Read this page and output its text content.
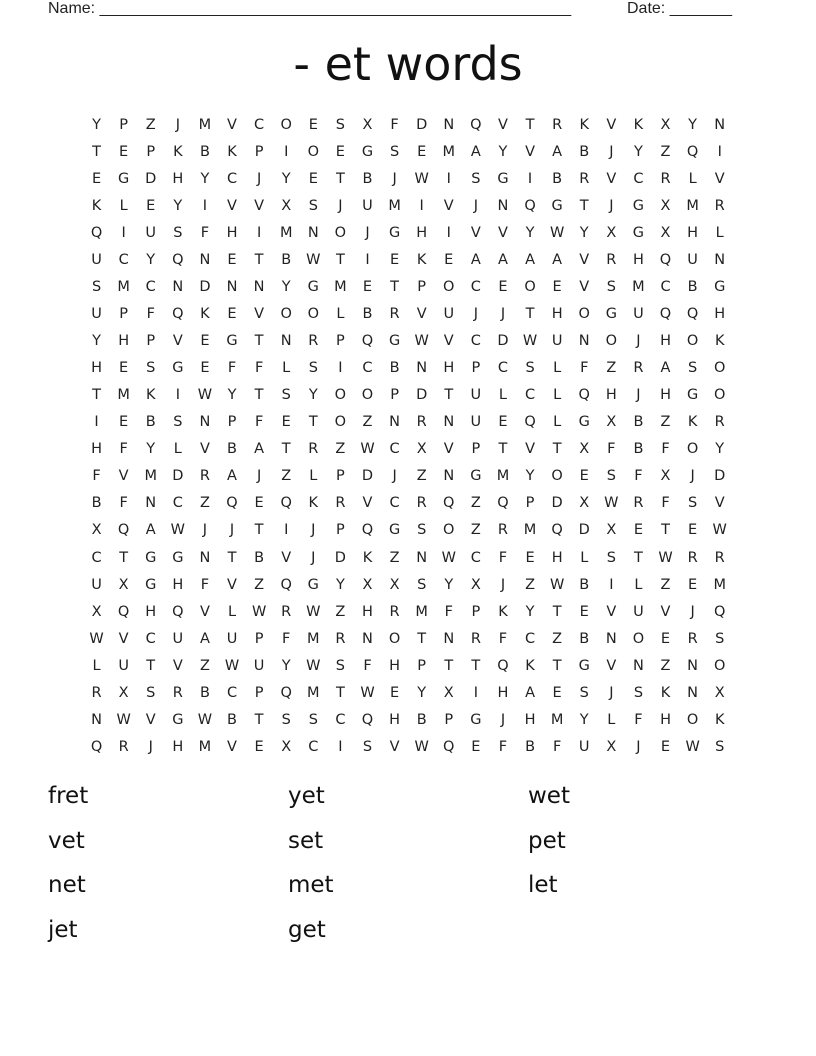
Name: _____________________________________________________	Date: _______
- et words
Y	P	Z	J	M	V	C	O	E	S	X	F	D	N	Q	V	T	R	K	V	K	X	Y	N
T	E	P	K	B	K	P	I	O	E	G	S	E	M	A	Y	V	A	B	J	Y	Z	Q	I
E	G	D	H	Y	C	J	Y	E	T	B	J	W	I	S	G	I	B	R	V	C	R	L	V
K	L	E	Y	I	V	V	X	S	J	U	M	I	V	J	N	Q	G	T	J	G	X	M	R
Q	I	U	S	F	H	I	M	N	O	J	G	H	I	V	V	Y	W	Y	X	G	X	H	L
U	C	Y	Q	N	E	T	B	W	T	I	E	K	E	A	A	A	A	V	R	H	Q	U	N
S	M	C	N	D	N	N	Y	G	M	E	T	P	O	C	E	O	E	V	S	M	C	B	G
U	P	F	Q	K	E	V	O	O	L	B	R	V	U	J	J	T	H	O	G	U	Q	Q	H
Y	H	P	V	E	G	T	N	R	P	Q	G W	V	C	D W	U	N	O	J	H	O	K
H	E	S	G	E	F	F	L	S	I	C	B	N	H	P	C	S	L	F	Z	R	A	S	O
T	M	K	I	W	Y	T	S	Y	O	O	P	D	T	U	L	C	L	Q	H	J	H	G	O
I	E	B	S	N	P	F	E	T	O	Z	N	R	N	U	E	Q	L	G	X	B	Z	K	R
H	F	Y	L	V	B	A	T	R	Z	W	C	X	V	P	T	V	T	X	F	B	F	O	Y
F	V	M	D	R	A	J	Z	L	P	D	J	Z	N	G	M	Y	O	E	S	F	X	J	D
B	F	N	C	Z	Q	E	Q	K	R	V	C	R	Q	Z	Q	P	D	X	W	R	F	S	V
X	Q	A	W	J	J	T	I	J	P	Q	G	S	O	Z	R	M	Q	D	X	E	T	E	W
C	T	G	G	N	T	B	V	J	D	K	Z	N	W	C	F	E	H	L	S	T	W	R	R
U	X	G	H	F	V	Z	Q	G	Y	X	X	S	Y	X	J	Z	W	B	I	L	Z	E	M
X	Q	H	Q	V	L	W	R	W	Z	H	R	M	F	P	K	Y	T	E	V	U	V	J	Q
W	V	C	U	A	U	P	F	M	R	N	O	T	N	R	F	C	Z	B	N	O	E	R	S
L	U	T	V	Z	W	U	Y	W	S	F	H	P	T	T	Q	K	T	G	V	N	Z	N	O
R	X	S	R	B	C	P	Q	M	T	W	E	Y	X	I	H	A	E	S	J	S	K	N	X
N	W	V	G W	B	T	S	S	C	Q	H	B	P	G	J	H	M	Y	L	F	H	O	K
Q	R	J	H	M	V	E	X	C	I	S	V	W Q	E	F	B	F	U	X	J	E	W	S
fret	yet	wet
vet	set	pet
net	met	let
jet	get
